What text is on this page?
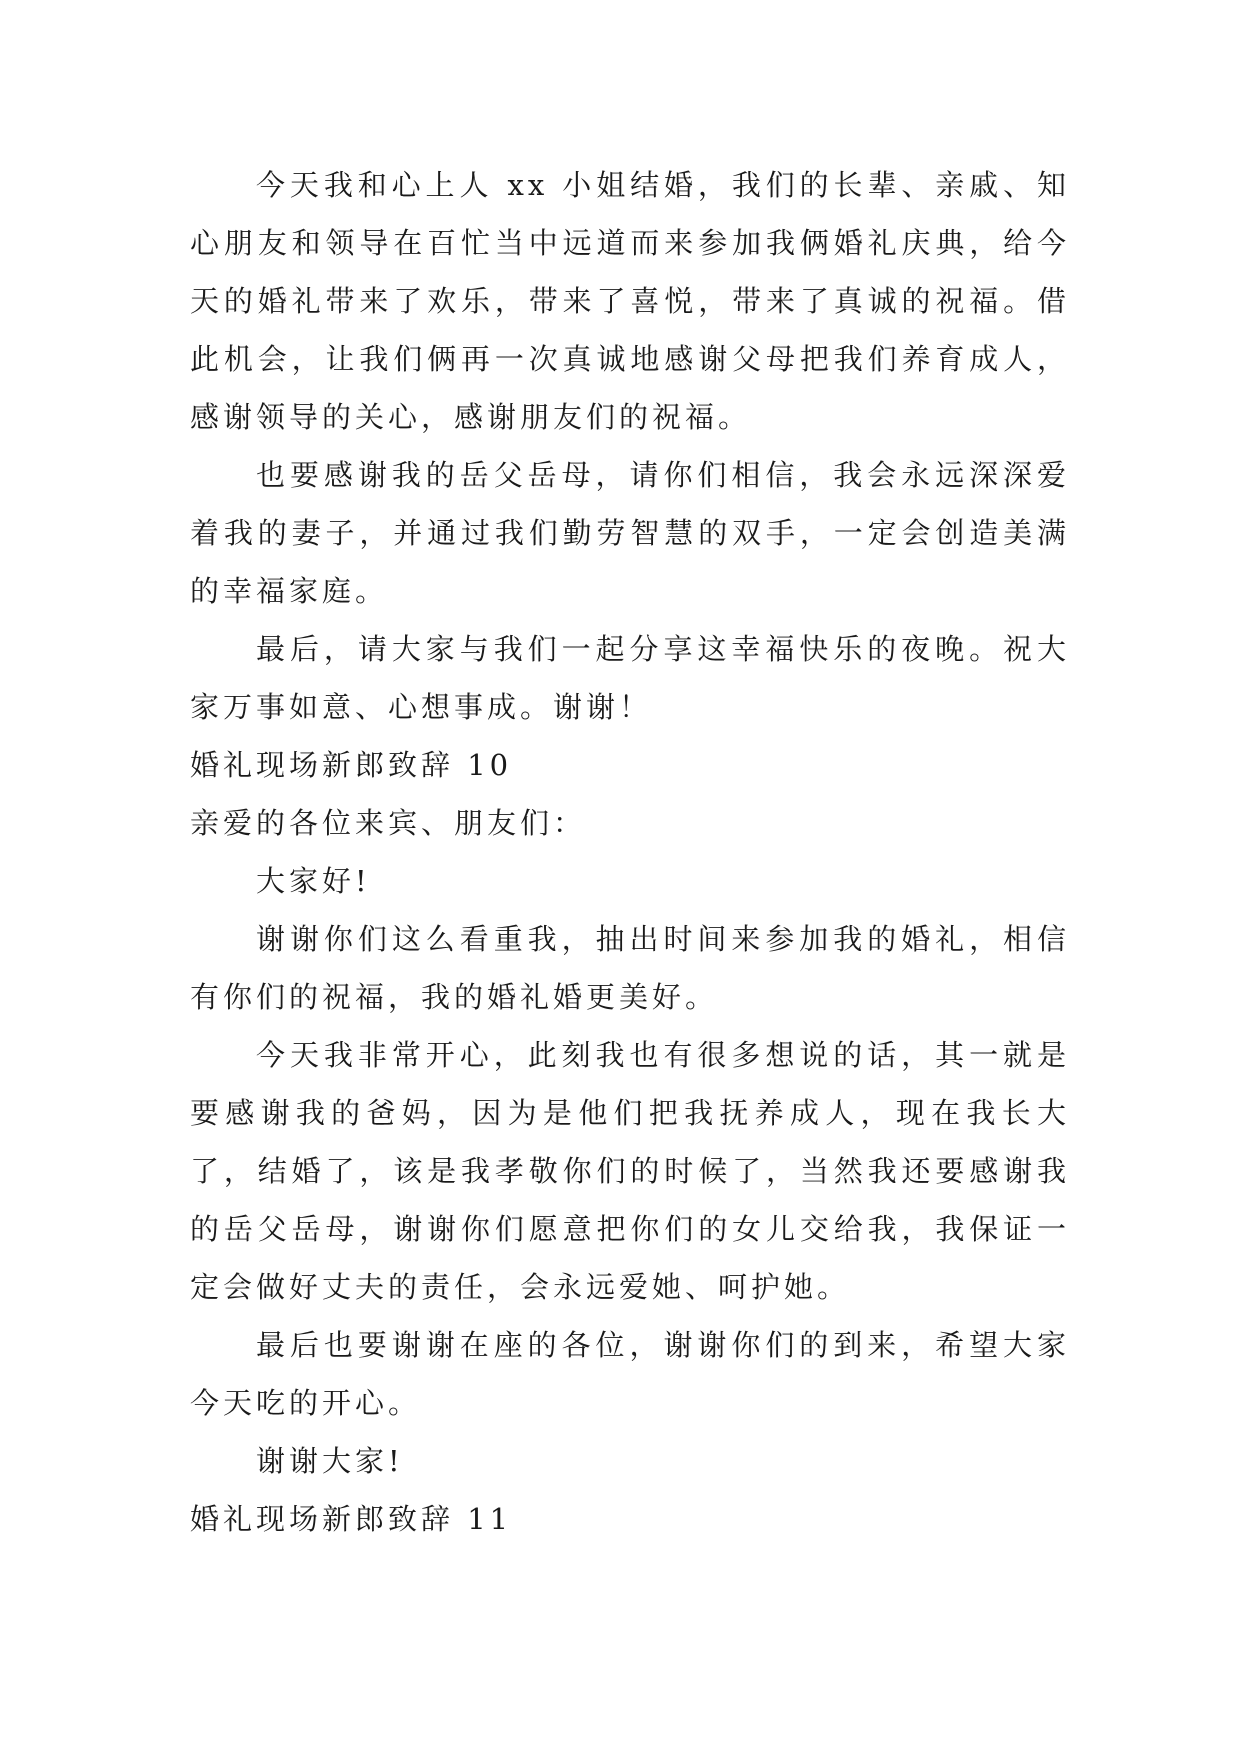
今天我和心上人 xx 小姐结婚，我们的长辈、亲戚、知心朋友和领导在百忙当中远道而来参加我俩婚礼庆典，给今天的婚礼带来了欢乐，带来了喜悦，带来了真诚的祝福。借此机会，让我们俩再一次真诚地感谢父母把我们养育成人，感谢领导的关心，感谢朋友们的祝福。

也要感谢我的岳父岳母，请你们相信，我会永远深深爱着我的妻子，并通过我们勤劳智慧的双手，一定会创造美满的幸福家庭。

最后，请大家与我们一起分享这幸福快乐的夜晚。祝大家万事如意、心想事成。谢谢！

婚礼现场新郎致辞 10

亲爱的各位来宾、朋友们：

大家好!

谢谢你们这么看重我，抽出时间来参加我的婚礼，相信有你们的祝福，我的婚礼婚更美好。

今天我非常开心，此刻我也有很多想说的话，其一就是要感谢我的爸妈，因为是他们把我抚养成人，现在我长大了，结婚了，该是我孝敬你们的时候了，当然我还要感谢我的岳父岳母，谢谢你们愿意把你们的女儿交给我，我保证一定会做好丈夫的责任，会永远爱她、呵护她。

最后也要谢谢在座的各位，谢谢你们的到来，希望大家今天吃的开心。

谢谢大家!

婚礼现场新郎致辞 11
